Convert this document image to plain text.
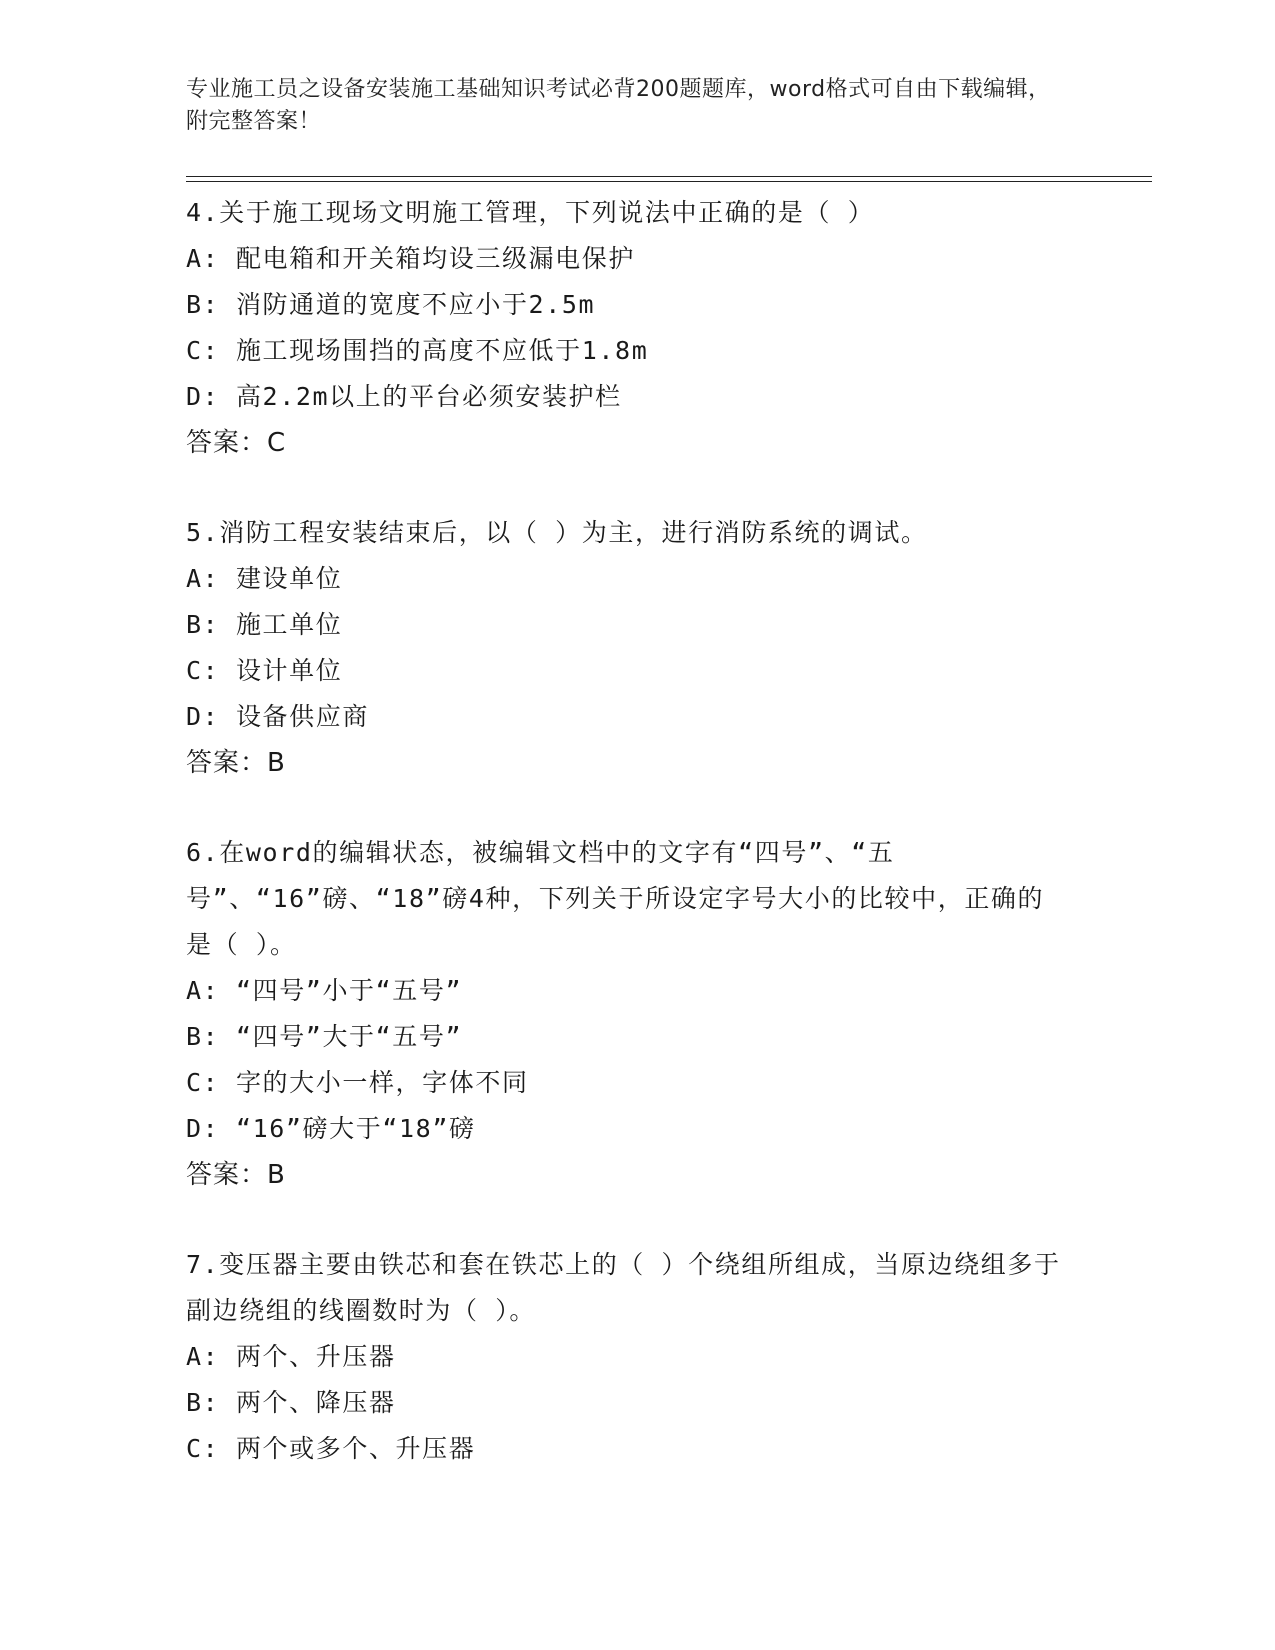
专业施工员之设备安装施工基础知识考试必背200题题库，word格式可自由下载编辑，附完整答案！
4.关于施工现场文明施工管理，下列说法中正确的是（ ）
A: 配电箱和开关箱均设三级漏电保护
B: 消防通道的宽度不应小于2.5m
C: 施工现场围挡的高度不应低于1.8m
D: 高2.2m以上的平台必须安装护栏
答案：C
5.消防工程安装结束后，以（ ）为主，进行消防系统的调试。
A: 建设单位
B: 施工单位
C: 设计单位
D: 设备供应商
答案：B
6.在word的编辑状态，被编辑文档中的文字有“四号”、“五号”、“16”磅、“18”磅4种，下列关于所设定字号大小的比较中，正确的是（ ）。
A: “四号”小于“五号”
B: “四号”大于“五号”
C: 字的大小一样，字体不同
D: “16”磅大于“18”磅
答案：B
7.变压器主要由铁芯和套在铁芯上的（ ）个绕组所组成，当原边绕组多于副边绕组的线圈数时为（ ）。
A: 两个、升压器
B: 两个、降压器
C: 两个或多个、升压器
